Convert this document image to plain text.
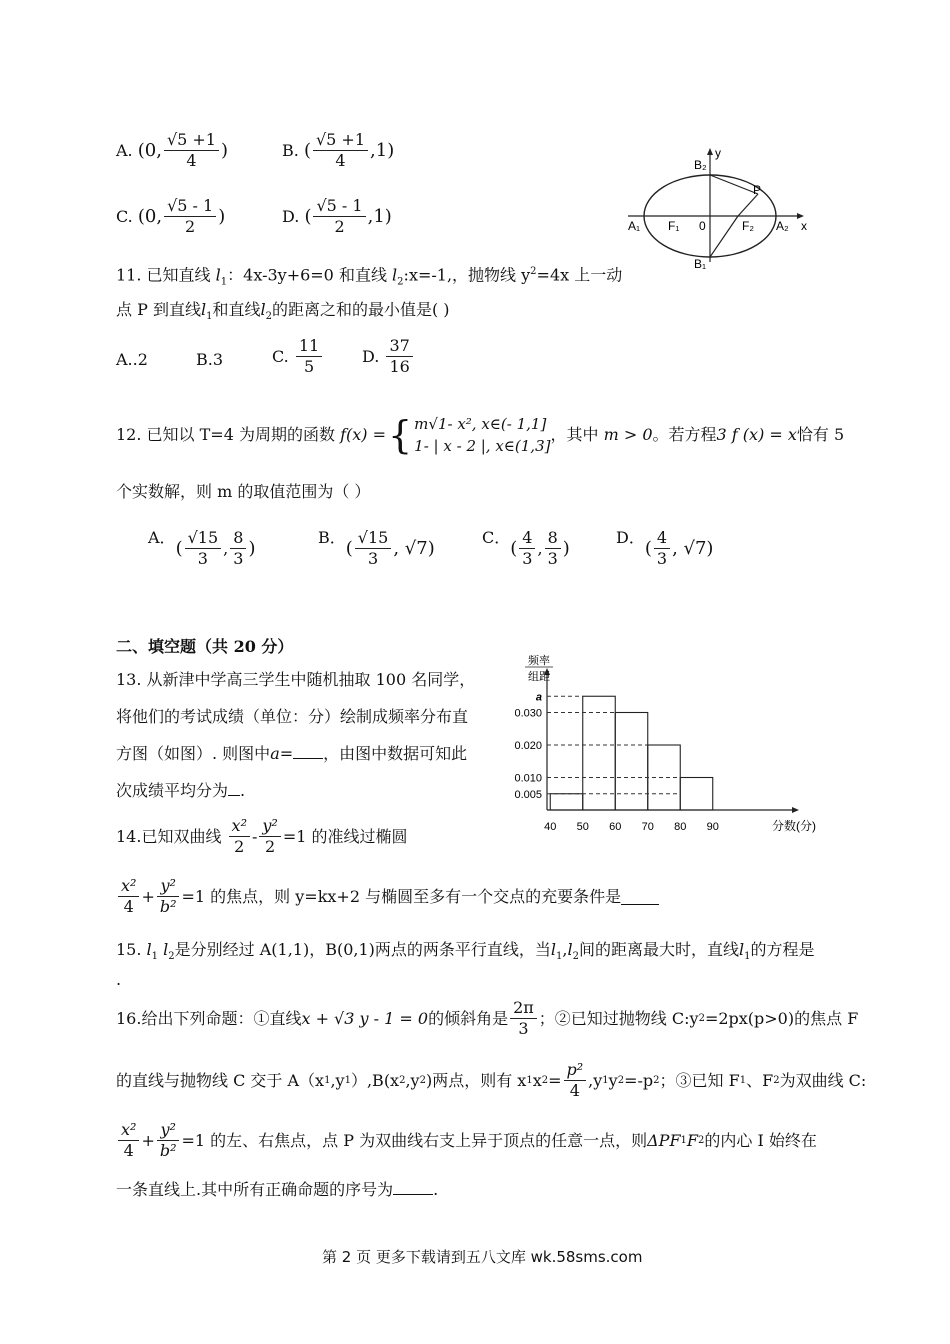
A.
(0, $\frac{√5 +1}{4}$ )	B.
( $\frac{√5 +1}{4} ,1$)
C.
(0, $\frac{√5 - 1}{2}$ )	D.
( $\frac{√5 - 1}{2} ,1$)
B₂
y
P
A₁ F₁ 0	F₂ A₂ x
B₁
11. 已知直线 $l_1$：4x-3y+6=0 和直线 $l_2:x=-1$,，抛物线 $y^2=4x$ 上一动
点 P 到直线$l_1$和直线$l_2$的距离之和的最小值是( )
A..2	B.3	C.
$\frac{11}{5} D$.
$\frac{37}{16}$
12. 已知以 T=4 为周期的函数
f(x) = { m√1- x², x∈(- 1,1]
1- | x - 2 |, x∈(1,3]
，其中
m > 0 。若方程 3 f (x) = x 恰有 5
个实数解，则 m 的取值范围为（ ）
A． ( $\frac{√15}{3}$ , $\frac{8}{3}$ )	B． ( $\frac{√15}{3}$ , √7)	C． ( $\frac{4}{3}$ , $\frac{8}{3}$ )	D． ( $\frac{4}{3}$ , √7)
二、填空题（共 20 分）
13. 从新津中学高三学生中随机抽取 100 名同学，
将他们的考试成绩（单位：分）绘制成频率分布直
方图（如图）. 则图中a= ，由图中数据可知此
次成绩平均分为 .
频率
组距
a
0.030
0.020
0.010
0.005
40 50 60 70 80 90	分数(分)
14.已知双曲线
$\frac{\text{x²}}{2} - \frac{\text{y²}}{2} =1$ 的准线过椭圆
$\frac{\text{x²}}{4} + \frac{\text{y²}}{\text{b²}} =1$ 的焦点，则 y=kx+2 与椭圆至多有一个交点的充要条件是
15. $l_1$ $l_2$是分别经过 A(1,1)，B(0,1)两点的两条平行直线，当$l_1,l_2$间的距离最大时，直线$l_1$的方程是
.
16.给出下列命题：①直线 x + √3 y - 1 = 0 的倾斜角是 $\frac{2\pi}{3}$ ；②已知过抛物线 C:y 2 =2px(p>0)的焦点 F
的直线与抛物线 C 交于 A（x 1 ,y 1 ）,B(x 2 ,y 2 )两点，则有 x 1 x $2 = \frac{\text{p²}}{4} ,y$ 1 y 2 =-p 2 ；③已知 F 1 、F 2 为双曲线 C:
$\frac{\text{x²}}{4} + \frac{\text{y²}}{\text{b²}} =1$ 的左、右焦点，点 P 为双曲线右支上异于顶点的任意一点，则 ΔPF 1 F 2 的内心 I 始终在
一条直线上.其中所有正确命题的序号为	.
第 2 页 更多下载请到五八文库 wk.58sms.com
